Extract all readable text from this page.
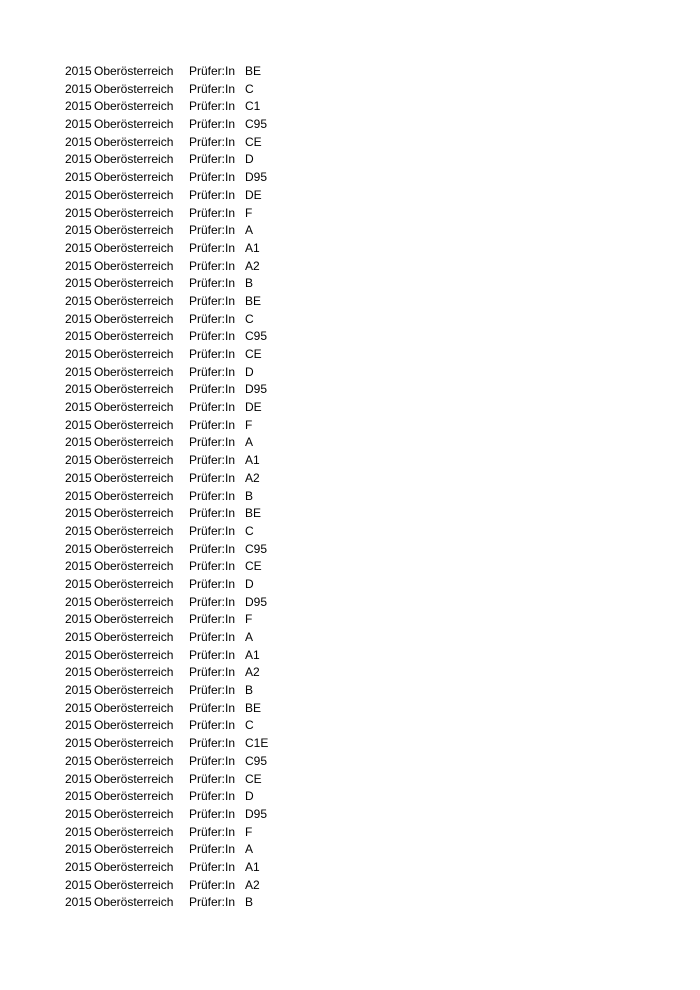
2015 Oberösterreich Prüfer:In BE
2015 Oberösterreich Prüfer:In C
2015 Oberösterreich Prüfer:In C1
2015 Oberösterreich Prüfer:In C95
2015 Oberösterreich Prüfer:In CE
2015 Oberösterreich Prüfer:In D
2015 Oberösterreich Prüfer:In D95
2015 Oberösterreich Prüfer:In DE
2015 Oberösterreich Prüfer:In F
2015 Oberösterreich Prüfer:In A
2015 Oberösterreich Prüfer:In A1
2015 Oberösterreich Prüfer:In A2
2015 Oberösterreich Prüfer:In B
2015 Oberösterreich Prüfer:In BE
2015 Oberösterreich Prüfer:In C
2015 Oberösterreich Prüfer:In C95
2015 Oberösterreich Prüfer:In CE
2015 Oberösterreich Prüfer:In D
2015 Oberösterreich Prüfer:In D95
2015 Oberösterreich Prüfer:In DE
2015 Oberösterreich Prüfer:In F
2015 Oberösterreich Prüfer:In A
2015 Oberösterreich Prüfer:In A1
2015 Oberösterreich Prüfer:In A2
2015 Oberösterreich Prüfer:In B
2015 Oberösterreich Prüfer:In BE
2015 Oberösterreich Prüfer:In C
2015 Oberösterreich Prüfer:In C95
2015 Oberösterreich Prüfer:In CE
2015 Oberösterreich Prüfer:In D
2015 Oberösterreich Prüfer:In D95
2015 Oberösterreich Prüfer:In F
2015 Oberösterreich Prüfer:In A
2015 Oberösterreich Prüfer:In A1
2015 Oberösterreich Prüfer:In A2
2015 Oberösterreich Prüfer:In B
2015 Oberösterreich Prüfer:In BE
2015 Oberösterreich Prüfer:In C
2015 Oberösterreich Prüfer:In C1E
2015 Oberösterreich Prüfer:In C95
2015 Oberösterreich Prüfer:In CE
2015 Oberösterreich Prüfer:In D
2015 Oberösterreich Prüfer:In D95
2015 Oberösterreich Prüfer:In F
2015 Oberösterreich Prüfer:In A
2015 Oberösterreich Prüfer:In A1
2015 Oberösterreich Prüfer:In A2
2015 Oberösterreich Prüfer:In B
